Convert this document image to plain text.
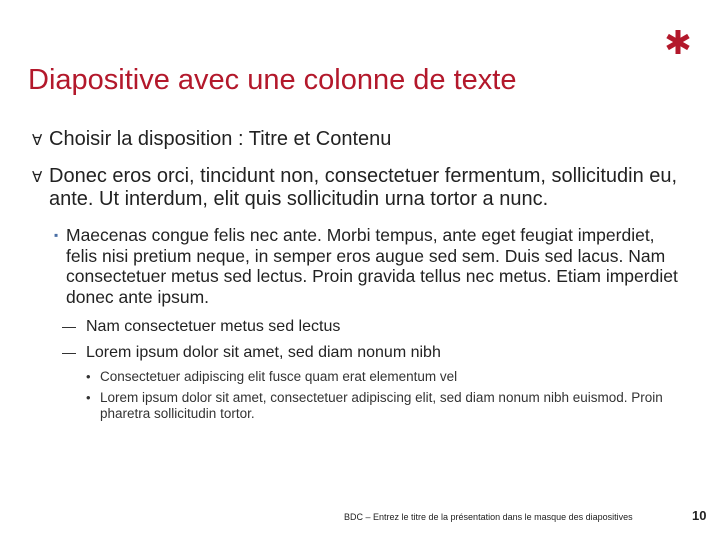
Diapositive avec une colonne de texte
∀ Choisir la disposition : Titre et Contenu
∀ Donec eros orci, tincidunt non, consectetuer fermentum, sollicitudin eu, ante. Ut interdum, elit quis sollicitudin urna tortor a nunc.
▪ Maecenas congue felis nec ante. Morbi tempus, ante eget feugiat imperdiet, felis nisi pretium neque, in semper eros augue sed sem. Duis sed lacus. Nam consectetuer metus sed lectus. Proin gravida tellus nec metus. Etiam imperdiet donec ante ipsum.
— Nam consectetuer metus sed lectus
— Lorem ipsum dolor sit amet, sed diam nonum nibh
• Consectetuer adipiscing elit fusce quam erat elementum vel
• Lorem ipsum dolor sit amet, consectetuer adipiscing elit, sed diam nonum nibh euismod. Proin pharetra sollicitudin tortor.
BDC – Entrez le titre de la présentation dans le masque des diapositives	10
